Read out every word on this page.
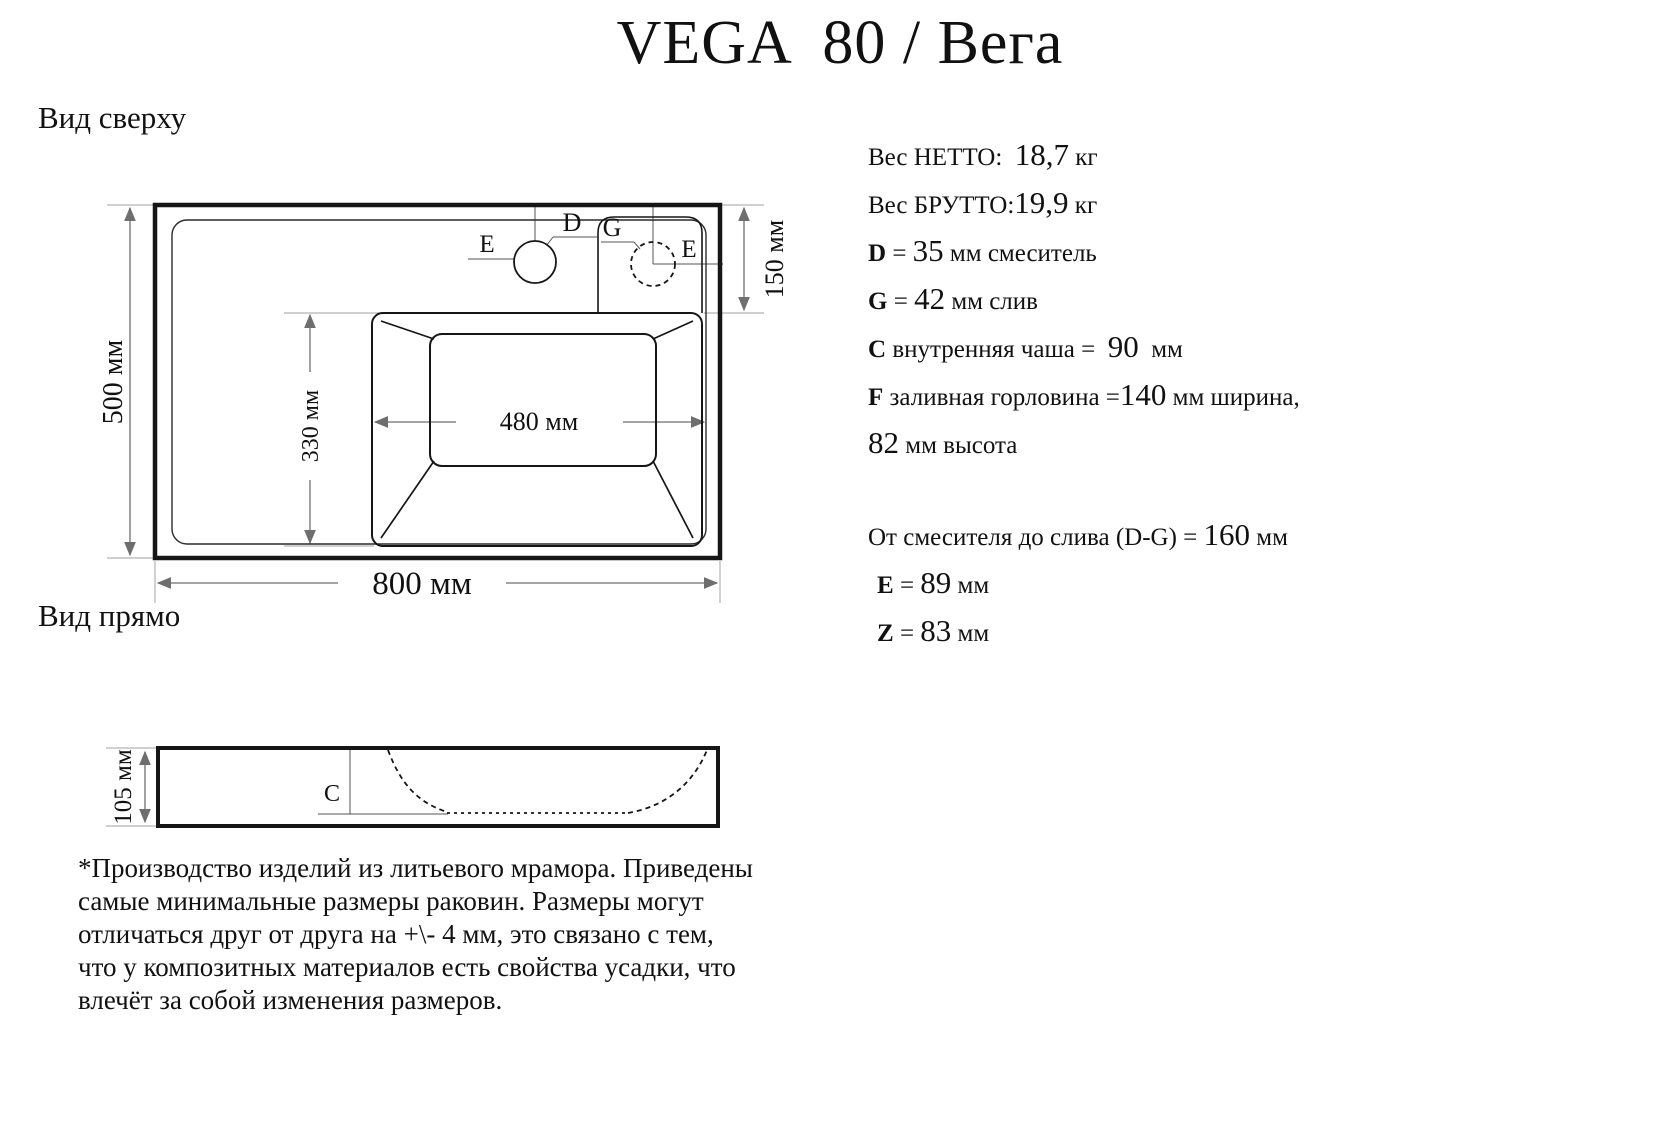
VEGA  80 / Вега
Вид сверху
Вид прямо
800 мм
500 мм
330 мм	480 мм
150 мм
105 мм
D G
E	E
C
Вес НЕТТО:  18,7 кг
Вес БРУТТО:19,9 кг
D = 35 мм смеситель
G = 42 мм слив
C внутренняя чаша =  90  мм
F заливная горловина =140 мм ширина,
82 мм высота
От смесителя до слива (D-G) = 160 мм
E = 89 мм
Z = 83 мм
*Производство изделий из литьевого мрамора. Приведены
самые минимальные размеры раковин. Размеры могут
отличаться друг от друга на +\- 4 мм, это связано с тем,
что у композитных материалов есть свойства усадки, что
влечёт за собой изменения размеров.
